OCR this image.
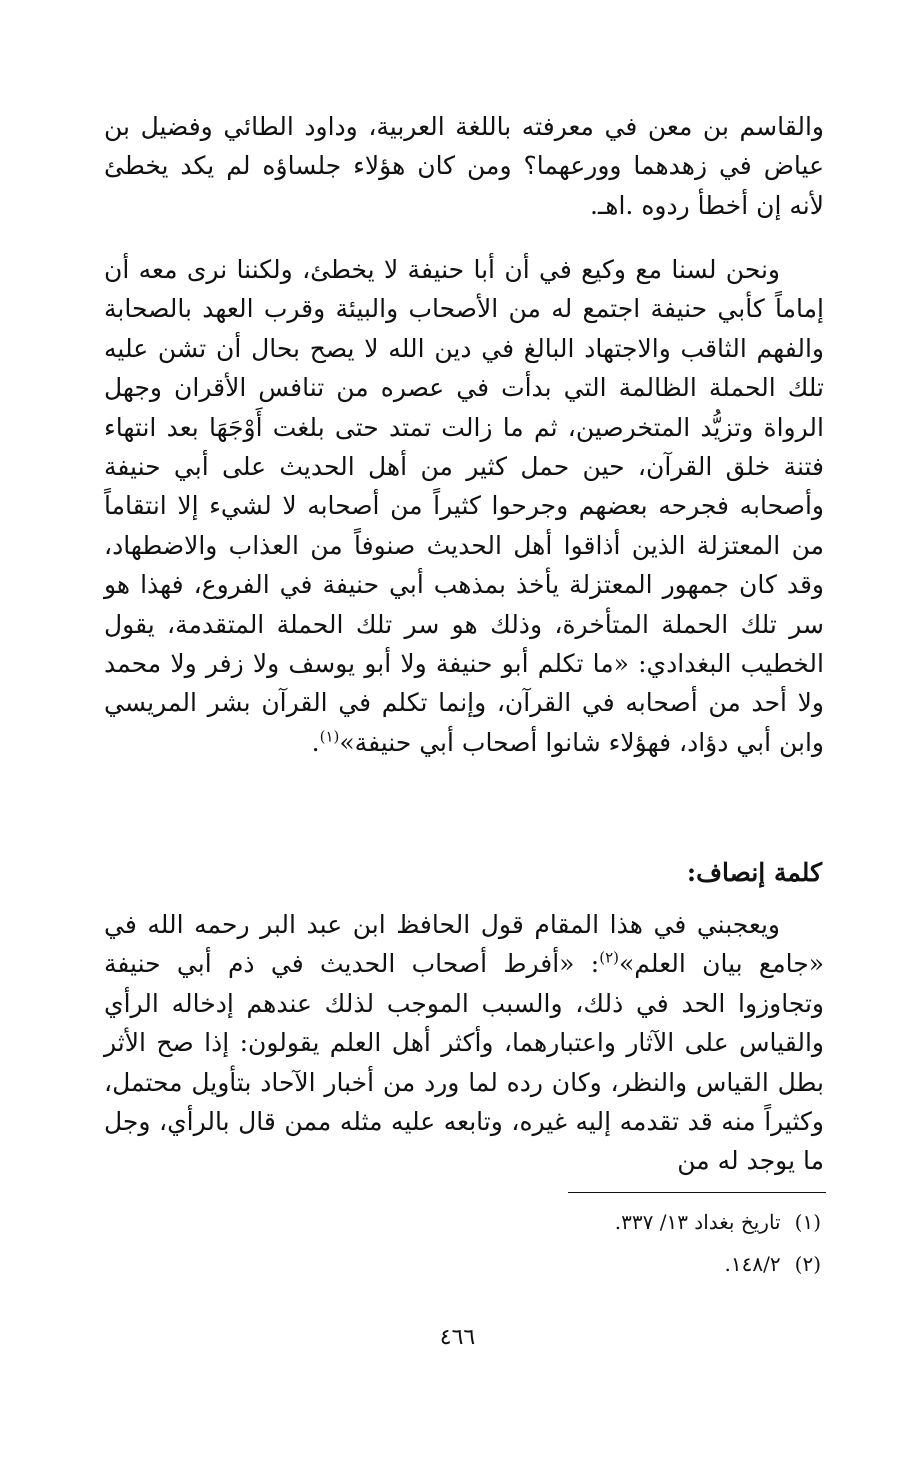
والقاسم بن معن في معرفته باللغة العربية، وداود الطائي وفضيل بن عياض في زهدهما وورعهما؟ ومن كان هؤلاء جلساؤه لم يكد يخطئ لأنه إن أخطأ ردوه .اهـ.

ونحن لسنا مع وكيع في أن أبا حنيفة لا يخطئ، ولكننا نرى معه أن إماماً كأبي حنيفة اجتمع له من الأصحاب والبيئة وقرب العهد بالصحابة والفهم الثاقب والاجتهاد البالغ في دين الله لا يصح بحال أن تشن عليه تلك الحملة الظالمة التي بدأت في عصره من تنافس الأقران وجهل الرواة وتزيُّد المتخرصين، ثم ما زالت تمتد حتى بلغت أَوْجَهَا بعد انتهاء فتنة خلق القرآن، حين حمل كثير من أهل الحديث على أبي حنيفة وأصحابه فجرحه بعضهم وجرحوا كثيراً من أصحابه لا لشيء إلا انتقاماً من المعتزلة الذين أذاقوا أهل الحديث صنوفاً من العذاب والاضطهاد، وقد كان جمهور المعتزلة يأخذ بمذهب أبي حنيفة في الفروع، فهذا هو سر تلك الحملة المتأخرة، وذلك هو سر تلك الحملة المتقدمة، يقول الخطيب البغدادي: «ما تكلم أبو حنيفة ولا أبو يوسف ولا زفر ولا محمد ولا أحد من أصحابه في القرآن، وإنما تكلم في القرآن بشر المريسي وابن أبي دؤاد، فهؤلاء شانوا أصحاب أبي حنيفة»$^{(١)}$.

كلمة إنصاف:

ويعجبني في هذا المقام قول الحافظ ابن عبد البر رحمه الله في «جامع بيان العلم»$^{(٢)}$: «أفرط أصحاب الحديث في ذم أبي حنيفة وتجاوزوا الحد في ذلك، والسبب الموجب لذلك عندهم إدخاله الرأي والقياس على الآثار واعتبارهما، وأكثر أهل العلم يقولون: إذا صح الأثر بطل القياس والنظر، وكان رده لما ورد من أخبار الآحاد بتأويل محتمل، وكثيراً منه قد تقدمه إليه غيره، وتابعه عليه مثله ممن قال بالرأي، وجل ما يوجد له من

(١)تاريخ بغداد ١٣/ ٣٣٧.
(٢)١٤٨/٢.
٤٦٦
